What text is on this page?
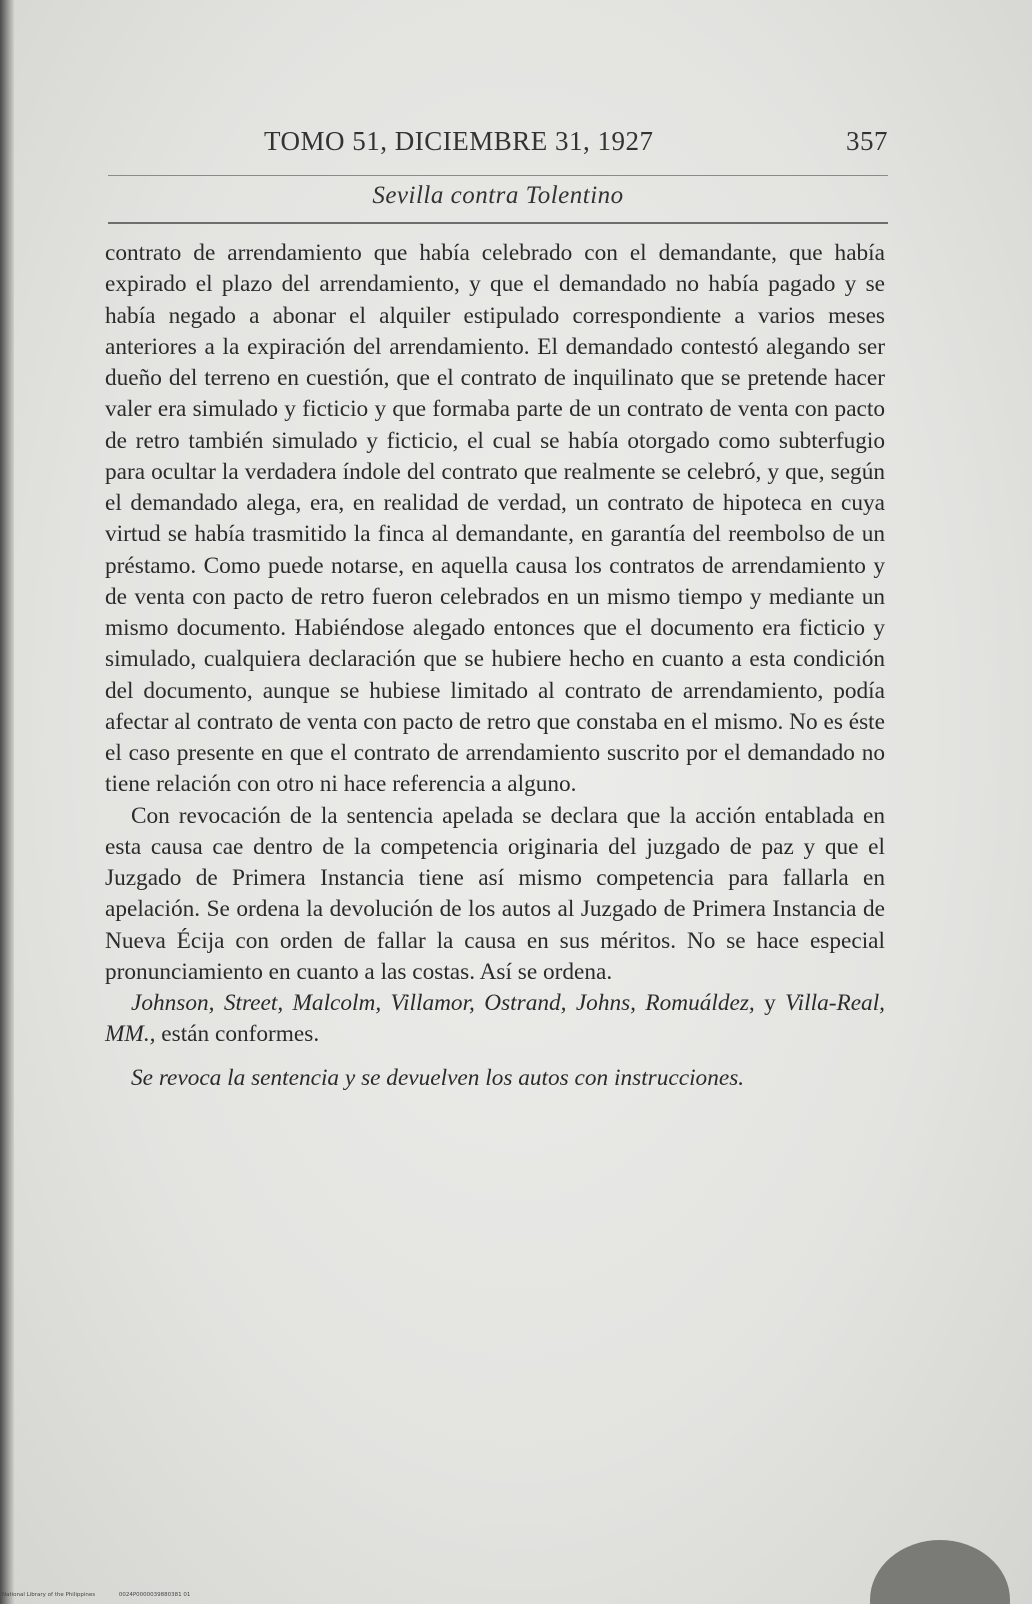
TOMO 51, DICIEMBRE 31, 1927	357
Sevilla contra Tolentino

contrato de arrendamiento que había celebrado con el demandante, que había expirado el plazo del arrendamiento, y que el demandado no había pagado y se había negado a abonar el alquiler estipulado correspondiente a varios meses anteriores a la expiración del arrendamiento. El demandado contestó alegando ser dueño del terreno en cuestión, que el contrato de inquilinato que se pretende hacer valer era simulado y ficticio y que formaba parte de un contrato de venta con pacto de retro también simulado y ficticio, el cual se había otorgado como subterfugio para ocultar la verdadera índole del contrato que realmente se celebró, y que, según el demandado alega, era, en realidad de verdad, un contrato de hipoteca en cuya virtud se había trasmitido la finca al demandante, en garantía del reembolso de un préstamo. Como puede notarse, en aquella causa los contratos de arrendamiento y de venta con pacto de retro fueron celebrados en un mismo tiempo y mediante un mismo documento. Habiéndose alegado entonces que el documento era ficticio y simulado, cualquiera declaración que se hubiere hecho en cuanto a esta condición del documento, aunque se hubiese limitado al contrato de arrendamiento, podía afectar al contrato de venta con pacto de retro que constaba en el mismo. No es éste el caso presente en que el contrato de arrendamiento suscrito por el demandado no tiene relación con otro ni hace referencia a alguno.

Con revocación de la sentencia apelada se declara que la acción entablada en esta causa cae dentro de la competencia originaria del juzgado de paz y que el Juzgado de Primera Instancia tiene así mismo competencia para fallarla en apelación. Se ordena la devolución de los autos al Juzgado de Primera Instancia de Nueva Écija con orden de fallar la causa en sus méritos. No se hace especial pronunciamiento en cuanto a las costas. Así se ordena.

Johnson, Street, Malcolm, Villamor, Ostrand, Johns, Romuáldez, y Villa-Real, MM., están conformes.

Se revoca la sentencia y se devuelven los autos con instrucciones.

National Library of the Philippines	0024P0000039880381 01
